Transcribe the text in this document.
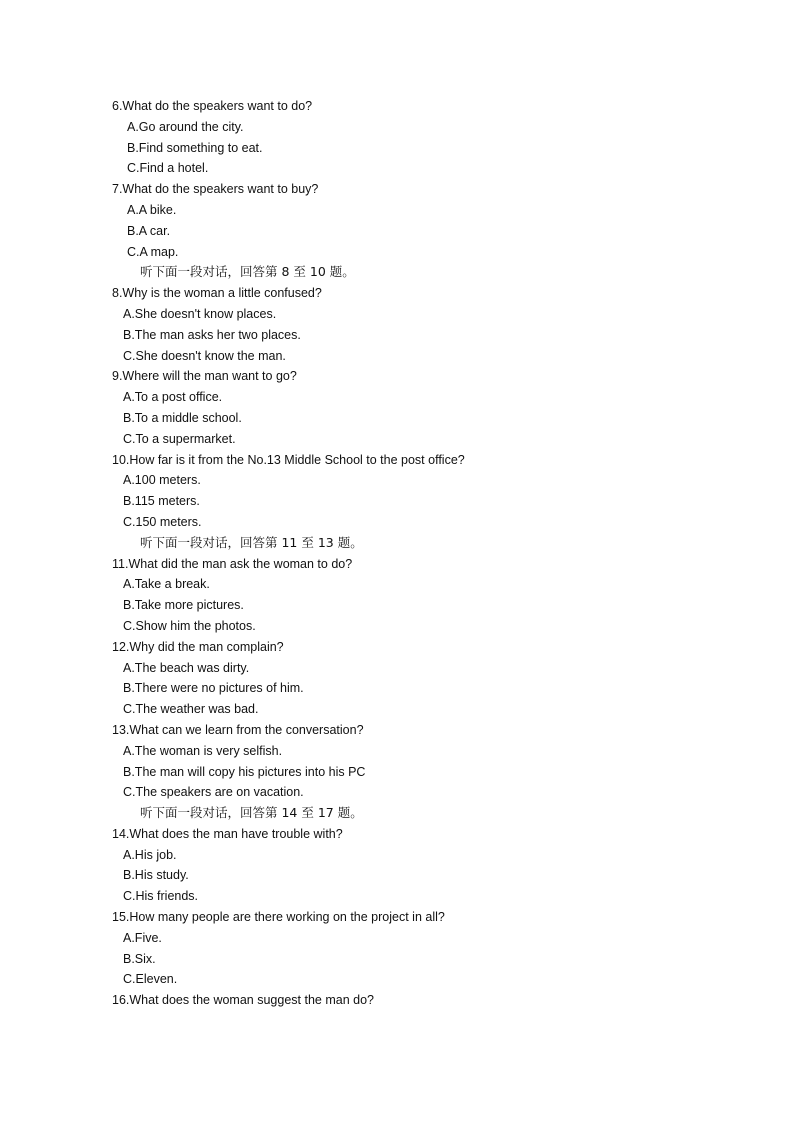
6.What do the speakers want to do?
A.Go around the city.
B.Find something to eat.
C.Find a hotel.
7.What do the speakers want to buy?
A.A bike.
B.A car.
C.A map.
听下面一段对话，回答第 8 至 10 题。
8.Why is the woman a little confused?
A.She doesn't know places.
B.The man asks her two places.
C.She doesn't know the man.
9.Where will the man want to go?
A.To a post office.
B.To a middle school.
C.To a supermarket.
10.How far is it from the No.13 Middle School to the post office?
A.100 meters.
B.115 meters.
C.150 meters.
听下面一段对话，回答第 11 至 13 题。
11.What did the man ask the woman to do?
A.Take a break.
B.Take more pictures.
C.Show him the photos.
12.Why did the man complain?
A.The beach was dirty.
B.There were no pictures of him.
C.The weather was bad.
13.What can we learn from the conversation?
A.The woman is very selfish.
B.The man will copy his pictures into his PC
C.The speakers are on vacation.
听下面一段对话，回答第 14 至 17 题。
14.What does the man have trouble with?
A.His job.
B.His study.
C.His friends.
15.How many people are there working on the project in all?
A.Five.
B.Six.
C.Eleven.
16.What does the woman suggest the man do?
